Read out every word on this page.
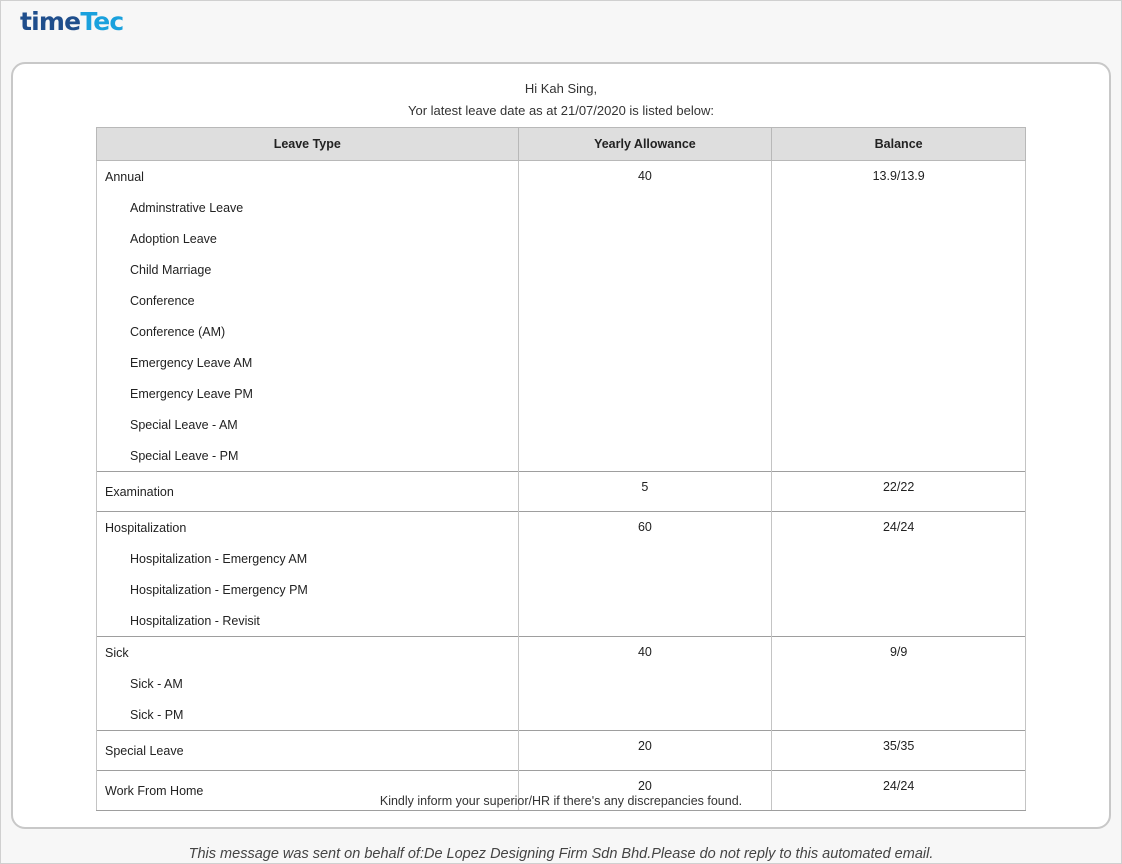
timeTec
Hi Kah Sing,
Yor latest leave date as at 21/07/2020 is listed below:
Leave Type	Yearly Allowance	Balance
Annual	40	13.9/13.9
Adminstrative Leave		
Adoption Leave		
Child Marriage		
Conference		
Conference (AM)		
Emergency Leave AM		
Emergency Leave PM		
Special Leave - AM		
Special Leave - PM		
Examination	5	22/22
Hospitalization	60	24/24
Hospitalization - Emergency AM		
Hospitalization - Emergency PM		
Hospitalization - Revisit		
Sick	40	9/9
Sick - AM		
Sick - PM		
Special Leave	20	35/35
Work From Home	20	24/24
Kindly inform your superior/HR if there's any discrepancies found.
This message was sent on behalf of:De Lopez Designing Firm Sdn Bhd.Please do not reply to this automated email.
